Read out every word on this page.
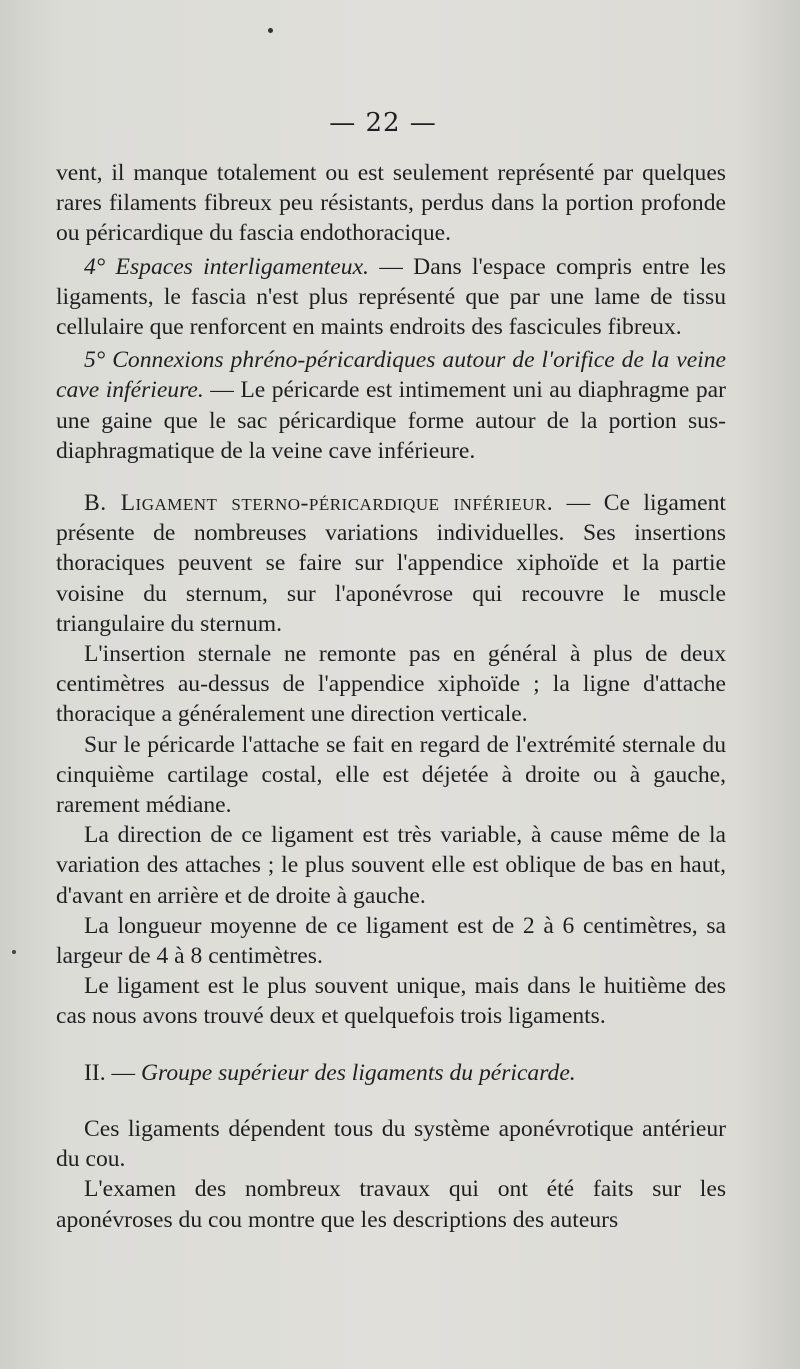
— 22 —

vent, il manque totalement ou est seulement représenté par quelques rares filaments fibreux peu résistants, perdus dans la portion profonde ou péricardique du fascia endothoracique.

4° Espaces interligamenteux. — Dans l'espace compris entre les ligaments, le fascia n'est plus représenté que par une lame de tissu cellulaire que renforcent en maints endroits des fascicules fibreux.

5° Connexions phréno-péricardiques autour de l'orifice de la veine cave inférieure. — Le péricarde est intimement uni au diaphragme par une gaine que le sac péricardique forme autour de la portion sus-diaphragmatique de la veine cave inférieure.

B. Ligament sterno-péricardique inférieur. — Ce ligament présente de nombreuses variations individuelles. Ses insertions thoraciques peuvent se faire sur l'appendice xiphoïde et la partie voisine du sternum, sur l'aponévrose qui recouvre le muscle triangulaire du sternum.

L'insertion sternale ne remonte pas en général à plus de deux centimètres au-dessus de l'appendice xiphoïde ; la ligne d'attache thoracique a généralement une direction verticale.

Sur le péricarde l'attache se fait en regard de l'extrémité sternale du cinquième cartilage costal, elle est déjetée à droite ou à gauche, rarement médiane.

La direction de ce ligament est très variable, à cause même de la variation des attaches ; le plus souvent elle est oblique de bas en haut, d'avant en arrière et de droite à gauche.

La longueur moyenne de ce ligament est de 2 à 6 centimètres, sa largeur de 4 à 8 centimètres.

Le ligament est le plus souvent unique, mais dans le huitième des cas nous avons trouvé deux et quelquefois trois ligaments.

II. — Groupe supérieur des ligaments du péricarde.

Ces ligaments dépendent tous du système aponévrotique antérieur du cou.

L'examen des nombreux travaux qui ont été faits sur les aponévroses du cou montre que les descriptions des auteurs
